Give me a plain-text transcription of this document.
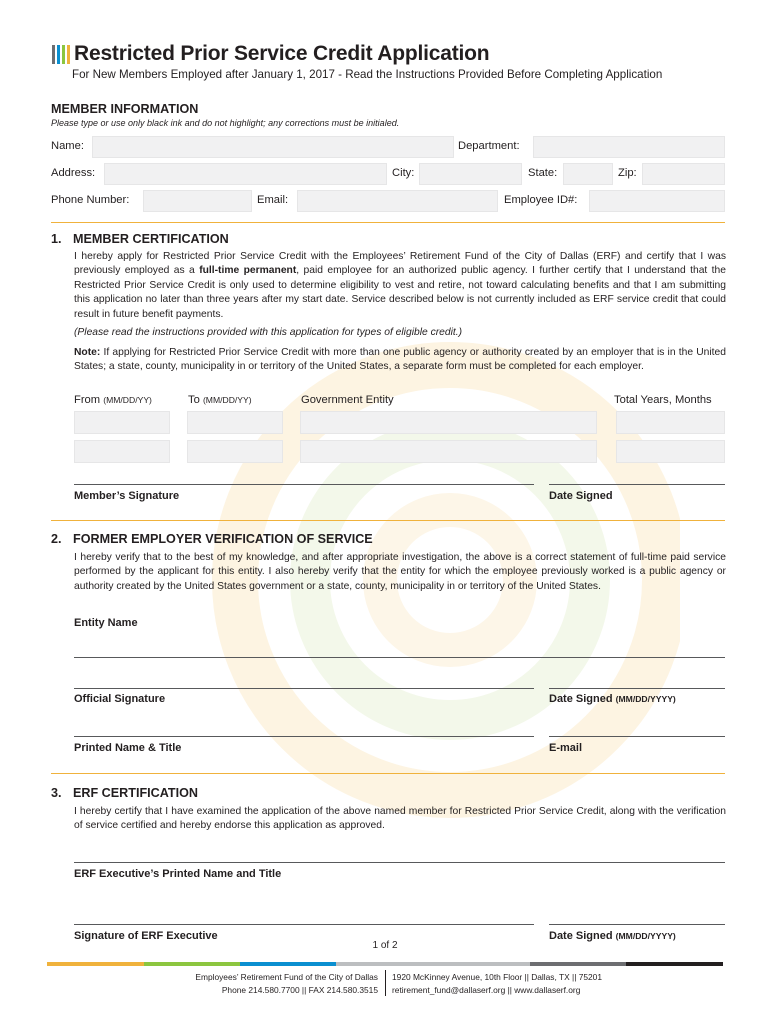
Restricted Prior Service Credit Application
For New Members Employed after January 1, 2017 - Read the Instructions Provided Before Completing Application
MEMBER INFORMATION
Please type or use only black ink and do not highlight; any corrections must be initialed.
Name:	Department:
Address:	City:	State:	Zip:
Phone Number:	Email:	Employee ID#:
1. MEMBER CERTIFICATION
I hereby apply for Restricted Prior Service Credit with the Employees’ Retirement Fund of the City of Dallas (ERF) and certify that I was previously employed as a full-time permanent, paid employee for an authorized public agency. I further certify that I understand that the Restricted Prior Service Credit is only used to determine eligibility to vest and retire, not toward calculating benefits and that I am submitting this application no later than three years after my start date. Service described below is not currently included as ERF service credit that could result in future benefit payments.
(Please read the instructions provided with this application for types of eligible credit.)
Note: If applying for Restricted Prior Service Credit with more than one public agency or authority created by an employer that is in the United States; a state, county, municipality in or territory of the United States, a separate form must be completed for each employer.
From (MM/DD/YY)	To (MM/DD/YY)	Government Entity	Total Years, Months
Member’s Signature	Date Signed
2. FORMER EMPLOYER VERIFICATION OF SERVICE
I hereby verify that to the best of my knowledge, and after appropriate investigation, the above is a correct statement of full-time paid service performed by the applicant for this entity. I also hereby verify that the entity for which the employee previously worked is a public agency or authority created by the United States government or a state, county, municipality in or territory of the United States.
Entity Name
Official Signature	Date Signed (MM/DD/YYYY)
Printed Name & Title	E-mail
3. ERF CERTIFICATION
I hereby certify that I have examined the application of the above named member for Restricted Prior Service Credit, along with the verification of service certified and hereby endorse this application as approved.
ERF Executive’s Printed Name and Title
Signature of ERF Executive	Date Signed (MM/DD/YYYY)
1 of 2
Employees’ Retirement Fund of the City of Dallas
Phone 214.580.7700 || FAX 214.580.3515
1920 McKinney Avenue, 10th Floor || Dallas, TX || 75201
retirement_fund@dallaserf.org || www.dallaserf.org
